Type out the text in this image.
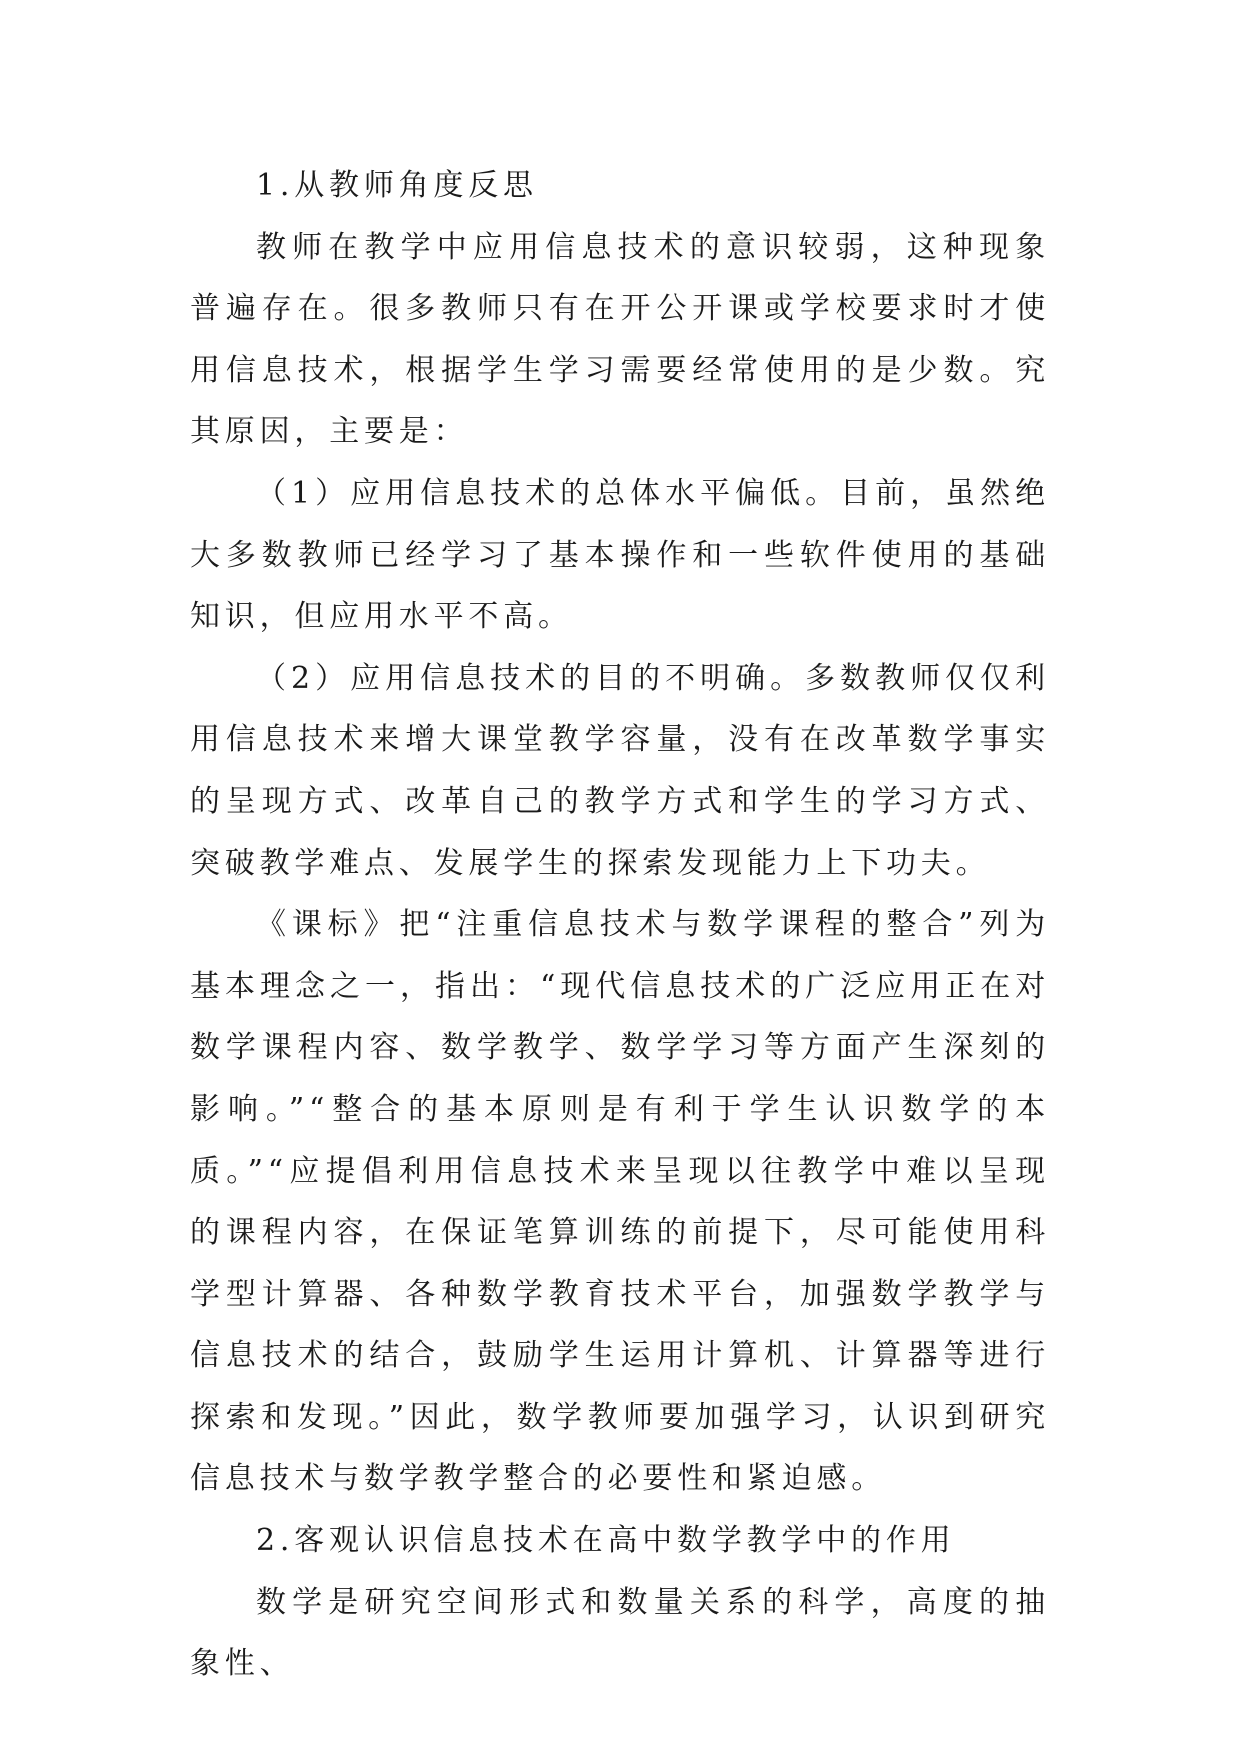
1.从教师角度反思

教师在教学中应用信息技术的意识较弱，这种现象普遍存在。很多教师只有在开公开课或学校要求时才使用信息技术，根据学生学习需要经常使用的是少数。究其原因，主要是：

（1）应用信息技术的总体水平偏低。目前，虽然绝大多数教师已经学习了基本操作和一些软件使用的基础知识，但应用水平不高。

（2）应用信息技术的目的不明确。多数教师仅仅利用信息技术来增大课堂教学容量，没有在改革数学事实的呈现方式、改革自己的教学方式和学生的学习方式、突破教学难点、发展学生的探索发现能力上下功夫。

《课标》把“注重信息技术与数学课程的整合”列为基本理念之一，指出：“现代信息技术的广泛应用正在对数学课程内容、数学教学、数学学习等方面产生深刻的影响。”“整合的基本原则是有利于学生认识数学的本质。”“应提倡利用信息技术来呈现以往教学中难以呈现的课程内容，在保证笔算训练的前提下，尽可能使用科学型计算器、各种数学教育技术平台，加强数学教学与信息技术的结合，鼓励学生运用计算机、计算器等进行探索和发现。”因此，数学教师要加强学习，认识到研究信息技术与数学教学整合的必要性和紧迫感。

2.客观认识信息技术在高中数学教学中的作用

数学是研究空间形式和数量关系的科学，高度的抽象性、
